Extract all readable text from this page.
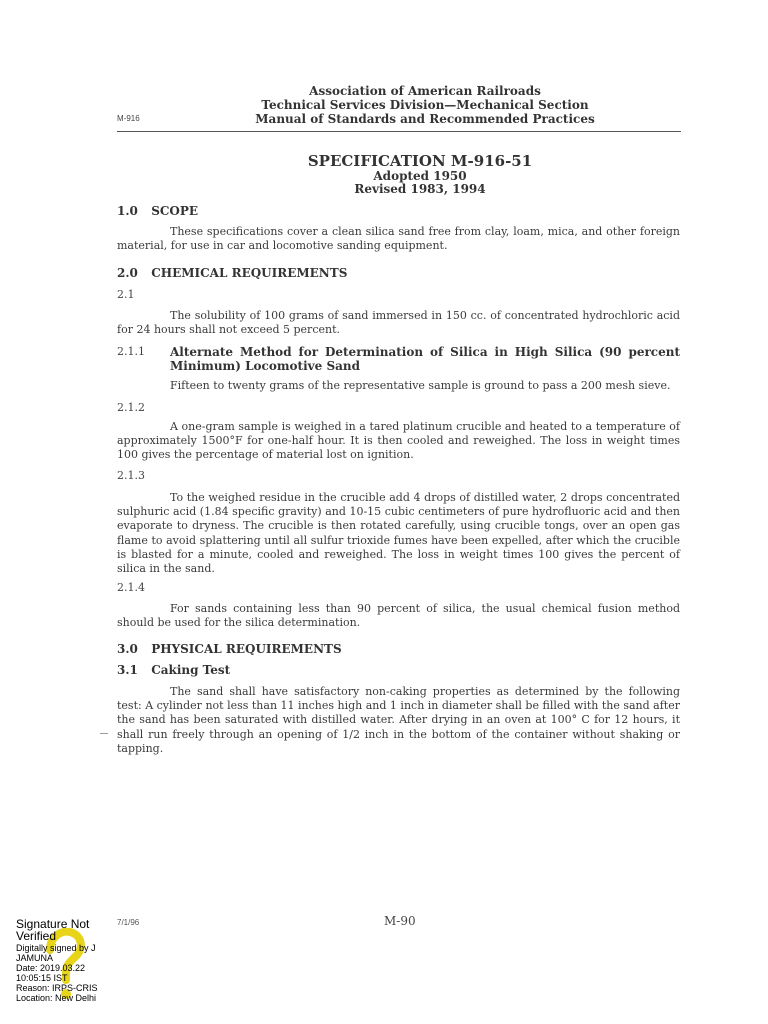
M-916
Association of American Railroads
Technical Services Division—Mechanical Section
Manual of Standards and Recommended Practices
SPECIFICATION M-916-51
Adopted 1950
Revised 1983, 1994
1.0 SCOPE
These specifications cover a clean silica sand free from clay, loam, mica, and other foreign material, for use in car and locomotive sanding equipment.
2.0 CHEMICAL REQUIREMENTS
2.1
The solubility of 100 grams of sand immersed in 150 cc. of concentrated hydrochloric acid for 24 hours shall not exceed 5 percent.
2.1.1 Alternate Method for Determination of Silica in High Silica (90 percent Minimum) Locomotive Sand
Fifteen to twenty grams of the representative sample is ground to pass a 200 mesh sieve.
2.1.2
A one-gram sample is weighed in a tared platinum crucible and heated to a temperature of approximately 1500°F for one-half hour. It is then cooled and reweighed. The loss in weight times 100 gives the percentage of material lost on ignition.
2.1.3
To the weighed residue in the crucible add 4 drops of distilled water, 2 drops concentrated sulphuric acid (1.84 specific gravity) and 10-15 cubic centimeters of pure hydrofluoric acid and then evaporate to dryness. The crucible is then rotated carefully, using crucible tongs, over an open gas flame to avoid splattering until all sulfur trioxide fumes have been expelled, after which the crucible is blasted for a minute, cooled and reweighed. The loss in weight times 100 gives the percent of silica in the sand.
2.1.4
For sands containing less than 90 percent of silica, the usual chemical fusion method should be used for the silica determination.
3.0 PHYSICAL REQUIREMENTS
3.1 Caking Test
The sand shall have satisfactory non-caking properties as determined by the following test: A cylinder not less than 11 inches high and 1 inch in diameter shall be filled with the sand after the sand has been saturated with distilled water. After drying in an oven at 100° C for 12 hours, it shall run freely through an opening of 1/2 inch in the bottom of the container without shaking or tapping.
7/1/96	M-90
Signature Not Verified
Digitally signed by J JAMUNA
Date: 2019.03.22
10:05:15 IST
Reason: IRPS-CRIS
Location: New Delhi
